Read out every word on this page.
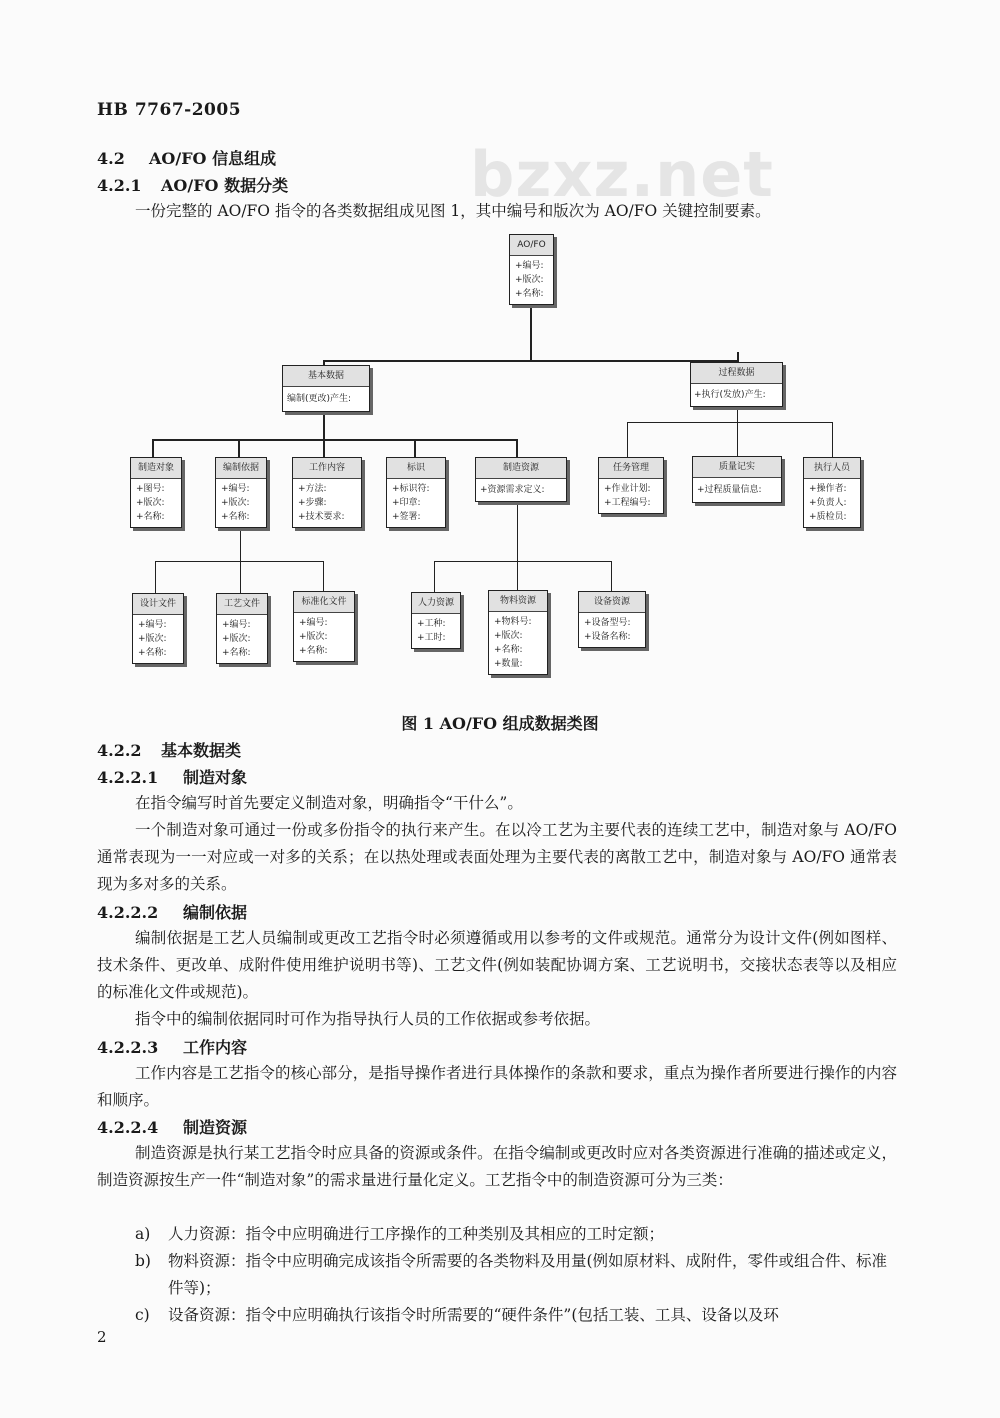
HB 7767-2005
bzxz.net
4.2 AO/FO 信息组成
4.2.1 AO/FO 数据分类
一份完整的 AO/FO 指令的各类数据组成见图 1，其中编号和版次为 AO/FO 关键控制要素。
AO/FO
+编号:
+版次:
+名称:
基本数据
编制(更改)产生:
过程数据
+执行(发放)产生:
制造对象
+图号:
+版次:
+名称:
编制依据
+编号:
+版次:
+名称:
工作内容
+方法:
+步骤:
+技术要求:
标识
+标识符:
+印章:
+签署:
制造资源
+资源需求定义:
任务管理
+作业计划:
+工程编号:
质量记实
+过程质量信息:
执行人员
+操作者:
+负责人:
+质检员:
设计文件
+编号:
+版次:
+名称:
工艺文件
+编号:
+版次:
+名称:
标准化文件
+编号:
+版次:
+名称:
人力资源
+工种:
+工时:
物料资源
+物料号:
+版次:
+名称:
+数量:
设备资源
+设备型号:
+设备名称:
图 1 AO/FO 组成数据类图
4.2.2 基本数据类
4.2.2.1 制造对象
在指令编写时首先要定义制造对象，明确指令“干什么”。
一个制造对象可通过一份或多份指令的执行来产生。在以冷工艺为主要代表的连续工艺中，制造对象与 AO/FO 通常表现为一一对应或一对多的关系；在以热处理或表面处理为主要代表的离散工艺中，制造对象与 AO/FO 通常表现为多对多的关系。
4.2.2.2 编制依据
编制依据是工艺人员编制或更改工艺指令时必须遵循或用以参考的文件或规范。通常分为设计文件(例如图样、技术条件、更改单、成附件使用维护说明书等)、工艺文件(例如装配协调方案、工艺说明书，交接状态表等以及相应的标准化文件或规范)。
指令中的编制依据同时可作为指导执行人员的工作依据或参考依据。
4.2.2.3 工作内容
工作内容是工艺指令的核心部分，是指导操作者进行具体操作的条款和要求，重点为操作者所要进行操作的内容和顺序。
4.2.2.4 制造资源
制造资源是执行某工艺指令时应具备的资源或条件。在指令编制或更改时应对各类资源进行准确的描述或定义，制造资源按生产一件“制造对象”的需求量进行量化定义。工艺指令中的制造资源可分为三类：
a) 人力资源：指令中应明确进行工序操作的工种类别及其相应的工时定额；
b) 物料资源：指令中应明确完成该指令所需要的各类物料及用量(例如原材料、成附件，零件或组合件、标准件等)；
c) 设备资源：指令中应明确执行该指令时所需要的“硬件条件”(包括工装、工具、设备以及环
2
